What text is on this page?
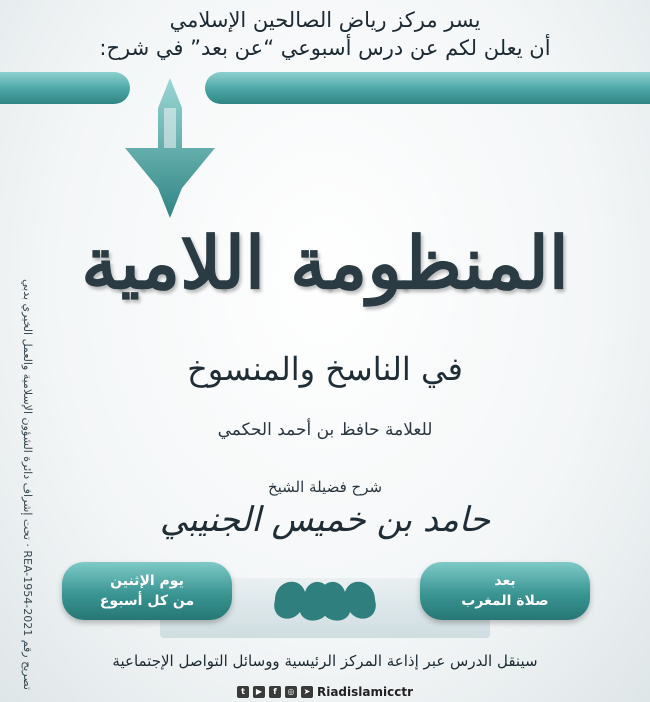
يسر مركز رياض الصالحين الإسلامي
أن يعلن لكم عن درس أسبوعي “عن بعد” في شرح:
تصريح رقم REA-1954-2021 · تحت إشراف دائرة الشؤون الإسلامية والعمل الخيري بدبي
المنظومة اللامية
في الناسخ والمنسوخ
للعلامة حافظ بن أحمد الحكمي
شرح فضيلة الشيخ
حامد بن خميس الجنيبي
يوم الإثنين
من كل أسبوع
بعد
صلاة المغرب
سينقل الدرس عبر إذاعة المركز الرئيسية ووسائل التواصل الإجتماعية
t	▶	f	◎	➤ Riadislamicctr
